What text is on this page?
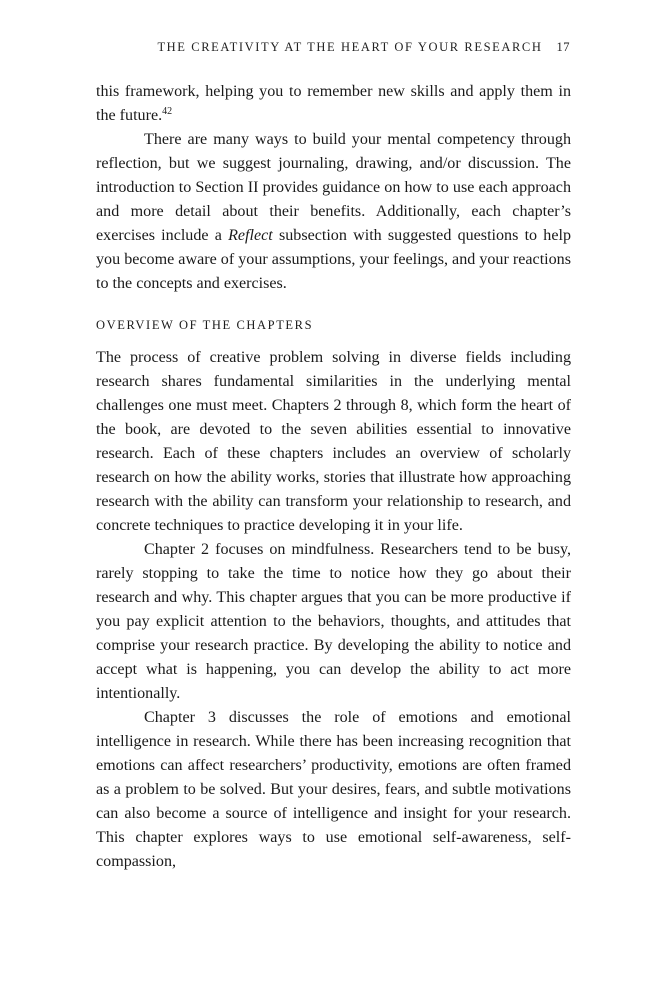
THE CREATIVITY AT THE HEART OF YOUR RESEARCH 17

this framework, helping you to remember new skills and apply them in the future.$^{42}$

There are many ways to build your mental competency through reflection, but we suggest journaling, drawing, and/or discussion. The introduction to Section II provides guidance on how to use each approach and more detail about their benefits. Additionally, each chapter’s exercises include a Reflect subsection with suggested questions to help you become aware of your assumptions, your feelings, and your reactions to the concepts and exercises.

OVERVIEW OF THE CHAPTERS

The process of creative problem solving in diverse fields including research shares fundamental similarities in the underlying mental challenges one must meet. Chapters 2 through 8, which form the heart of the book, are devoted to the seven abilities essential to innovative research. Each of these chapters includes an overview of scholarly research on how the ability works, stories that illustrate how approaching research with the ability can transform your relationship to research, and concrete techniques to practice developing it in your life.

Chapter 2 focuses on mindfulness. Researchers tend to be busy, rarely stopping to take the time to notice how they go about their research and why. This chapter argues that you can be more productive if you pay explicit attention to the behaviors, thoughts, and attitudes that comprise your research practice. By developing the ability to notice and accept what is happening, you can develop the ability to act more intentionally.

Chapter 3 discusses the role of emotions and emotional intelligence in research. While there has been increasing recognition that emotions can affect researchers’ productivity, emotions are often framed as a problem to be solved. But your desires, fears, and subtle motivations can also become a source of intelligence and insight for your research. This chapter explores ways to use emotional self-awareness, self-compassion,
